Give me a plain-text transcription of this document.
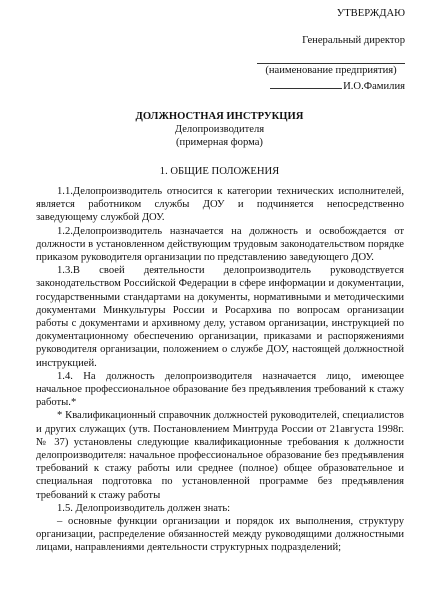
УТВЕРЖДАЮ
Генеральный директор
(наименование предприятия)
И.О.Фамилия
ДОЛЖНОСТНАЯ ИНСТРУКЦИЯ
Делопроизводителя
(примерная форма)
1. ОБЩИЕ ПОЛОЖЕНИЯ

1.1.Делопроизводитель относится к категории технических исполнителей, является работником службы ДОУ и подчиняется непосредственно заведующему службой ДОУ.

1.2.Делопроизводитель назначается на должность и освобождается от должности в установленном действующим трудовым законодательством порядке приказом руководителя организации по представлению заведующего ДОУ.

1.3.В своей деятельности делопроизводитель руководствуется законодательством Российской Федерации в сфере информации и документации, государственными стандартами на документы, нормативными и методическими документами Минкультуры России и Росархива по вопросам организации работы с документами и архивному делу, уставом организации, инструкцией по документационному обеспечению организации, приказами и распоряжениями руководителя организации, положением о службе ДОУ, настоящей должностной инструкцией.

1.4. На должность делопроизводителя назначается лицо, имеющее начальное профессиональное образование без предъявления требований к стажу работы.*

* Квалификационный справочник должностей руководителей, специалистов и других служащих (утв. Постановлением Минтруда России от 21августа 1998г. № 37) установлены следующие квалификационные требования к должности делопроизводителя: начальное профессиональное образование без предъявления требований к стажу работы или среднее (полное) общее образовательное и специальная подготовка по установленной программе без предъявления требований к стажу работы

1.5. Делопроизводитель должен знать:

– основные функции организации и порядок их выполнения, структуру организации, распределение обязанностей между руководящими должностными лицами, направлениями деятельности структурных подразделений;
